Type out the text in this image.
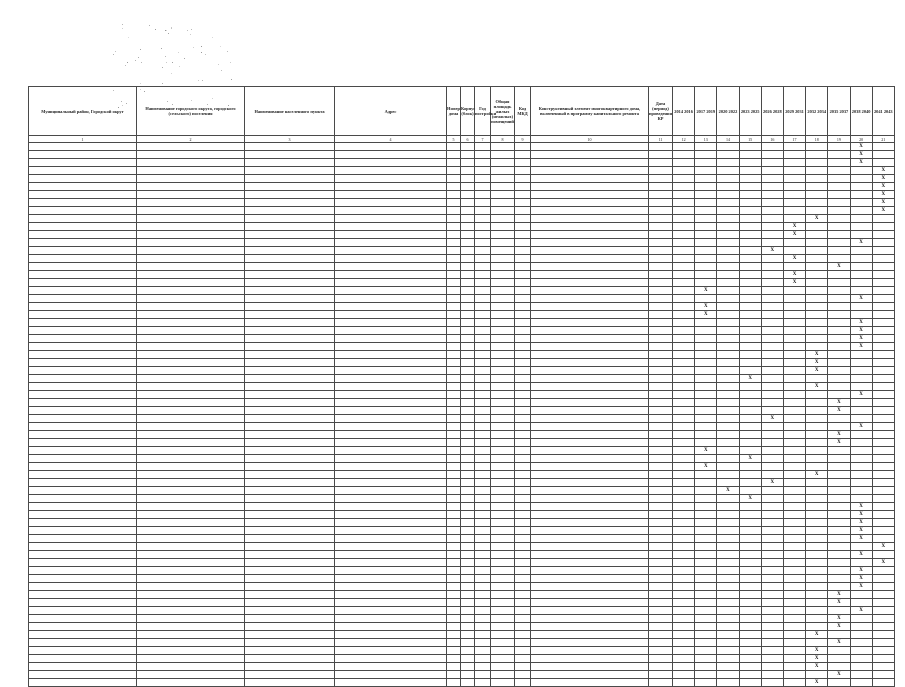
Муниципальный район, Городской округ	Наименование городского округа, городского (сельского) поселения	Наименование населенного пункта	Адрес	Номер дома	Корпус (блок)	Год постройки	Общая площадь жилых (нежилых) помещений	Код МКД	Конструктивный элемент многоквартирного дома, включенный в программу капитального ремонта	Дата (период) проведения КР	2014 2016	2017 2019	2020 2022	2023 2025	2026 2028	2029 2031	2032 2034	2035 2037	2038 2040	2041 2043
1	2	3	4	5	6	7	8	9	10	11	12	13	14	15	16	17	18	19	20	21
																			X	
																			X	
																			X	
																				X
																				X
																				X
																				X
																				X
																				X
																	X			
																X				
																X				
																			X	
															X					
																X				
																		X		
																X				
																X				
												X								
																			X	
												X								
												X								
																			X	
																			X	
																			X	
																			X	
																	X			
																	X			
																	X			
														X						
																	X			
																			X	
																		X		
																		X		
															X					
																			X	
																		X		
																		X		
												X								
														X						
												X								
																	X			
															X					
													X							
														X						
																			X	
																			X	
																			X	
																			X	
																			X	
																				X
																			X	
																				X
																			X	
																			X	
																			X	
																		X		
																		X		
																			X	
																		X		
																		X		
																	X			
																		X		
																	X			
																	X			
																	X			
																		X		
																	X			
